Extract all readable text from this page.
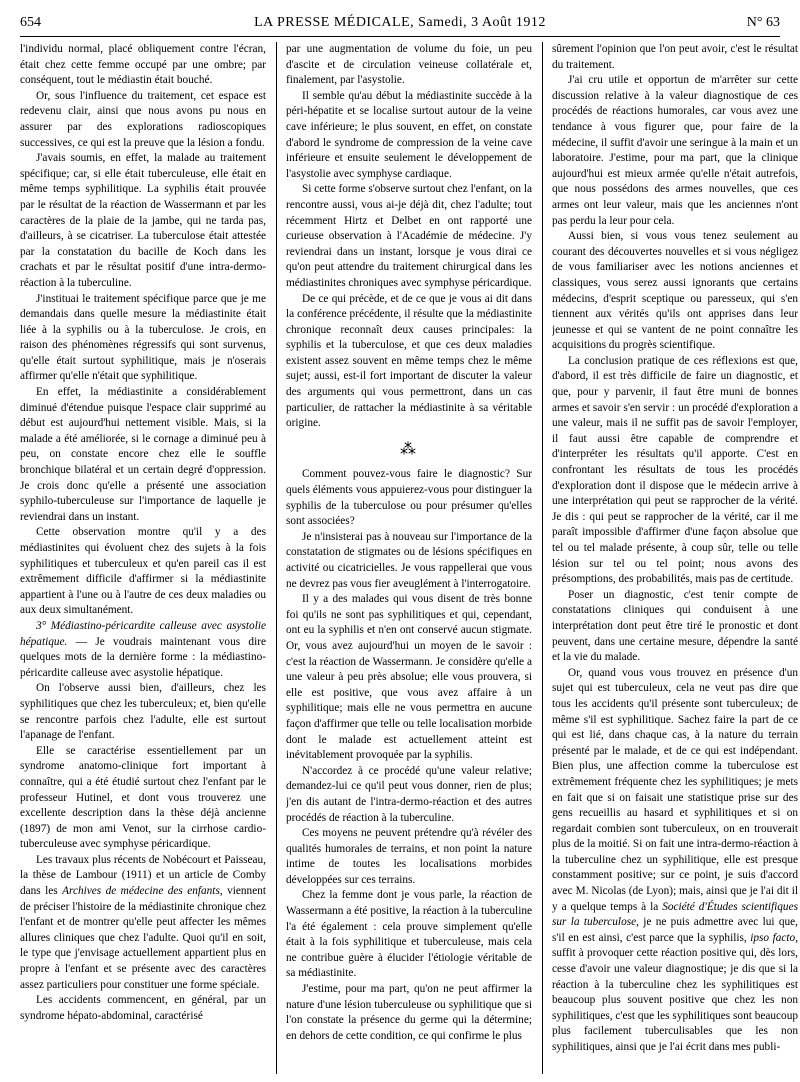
654	LA PRESSE MÉDICALE, Samedi, 3 Août 1912	N° 63

l'individu normal, placé obliquement contre l'écran, était chez cette femme occupé par une ombre; par conséquent, tout le médiastin était bouché.

Or, sous l'influence du traitement, cet espace est redevenu clair, ainsi que nous avons pu nous en assurer par des explorations radioscopiques successives, ce qui est la preuve que la lésion a fondu.

J'avais soumis, en effet, la malade au traitement spécifique; car, si elle était tuberculeuse, elle était en même temps syphilitique. La syphilis était prouvée par le résultat de la réaction de Wassermann et par les caractères de la plaie de la jambe, qui ne tarda pas, d'ailleurs, à se cicatriser. La tuberculose était attestée par la constatation du bacille de Koch dans les crachats et par le résultat positif d'une intra-dermo-réaction à la tuberculine.

J'instituai le traitement spécifique parce que je me demandais dans quelle mesure la médiastinite était liée à la syphilis ou à la tuberculose. Je crois, en raison des phénomènes régressifs qui sont survenus, qu'elle était surtout syphilitique, mais je n'oserais affirmer qu'elle n'était que syphilitique.

En effet, la médiastinite a considérablement diminué d'étendue puisque l'espace clair supprimé au début est aujourd'hui nettement visible. Mais, si la malade a été améliorée, si le cornage a diminué peu à peu, on constate encore chez elle le souffle bronchique bilatéral et un certain degré d'oppression. Je crois donc qu'elle a présenté une association syphilo-tuberculeuse sur l'importance de laquelle je reviendrai dans un instant.

Cette observation montre qu'il y a des médiastinites qui évoluent chez des sujets à la fois syphilitiques et tuberculeux et qu'en pareil cas il est extrêmement difficile d'affirmer si la médiastinite appartient à l'une ou à l'autre de ces deux maladies ou aux deux simultanément.

3° Médiastino-péricardite calleuse avec asystolie hépatique. — Je voudrais maintenant vous dire quelques mots de la dernière forme : la médiastino-péricardite calleuse avec asystolie hépatique.

On l'observe aussi bien, d'ailleurs, chez les syphilitiques que chez les tuberculeux; et, bien qu'elle se rencontre parfois chez l'adulte, elle est surtout l'apanage de l'enfant.

Elle se caractérise essentiellement par un syndrome anatomo-clinique fort important à connaître, qui a été étudié surtout chez l'enfant par le professeur Hutinel, et dont vous trouverez une excellente description dans la thèse déjà ancienne (1897) de mon ami Venot, sur la cirrhose cardio-tuberculeuse avec symphyse péricardique.

Les travaux plus récents de Nobécourt et Paisseau, la thèse de Lambour (1911) et un article de Comby dans les Archives de médecine des enfants, viennent de préciser l'histoire de la médiastinite chronique chez l'enfant et de montrer qu'elle peut affecter les mêmes allures cliniques que chez l'adulte. Quoi qu'il en soit, le type que j'envisage actuellement appartient plus en propre à l'enfant et se présente avec des caractères assez particuliers pour constituer une forme spéciale.

Les accidents commencent, en général, par un syndrome hépato-abdominal, caractérisé

par une augmentation de volume du foie, un peu d'ascite et de circulation veineuse collatérale et, finalement, par l'asystolie.

Il semble qu'au début la médiastinite succède à la péri-hépatite et se localise surtout autour de la veine cave inférieure; le plus souvent, en effet, on constate d'abord le syndrome de compression de la veine cave inférieure et ensuite seulement le développement de l'asystolie avec symphyse cardiaque.

Si cette forme s'observe surtout chez l'enfant, on la rencontre aussi, vous ai-je déjà dit, chez l'adulte; tout récemment Hirtz et Delbet en ont rapporté une curieuse observation à l'Académie de médecine. J'y reviendrai dans un instant, lorsque je vous dirai ce qu'on peut attendre du traitement chirurgical dans les médiastinites chroniques avec symphyse péricardique.

De ce qui précède, et de ce que je vous ai dit dans la conférence précédente, il résulte que la médiastinite chronique reconnaît deux causes principales: la syphilis et la tuberculose, et que ces deux maladies existent assez souvent en même temps chez le même sujet; aussi, est-il fort important de discuter la valeur des arguments qui vous permettront, dans un cas particulier, de rattacher la médiastinite à sa véritable origine.

⁂

Comment pouvez-vous faire le diagnostic? Sur quels éléments vous appuierez-vous pour distinguer la syphilis de la tuberculose ou pour présumer qu'elles sont associées?

Je n'insisterai pas à nouveau sur l'importance de la constatation de stigmates ou de lésions spécifiques en activité ou cicatricielles. Je vous rappellerai que vous ne devrez pas vous fier aveuglément à l'interrogatoire.

Il y a des malades qui vous disent de très bonne foi qu'ils ne sont pas syphilitiques et qui, cependant, ont eu la syphilis et n'en ont conservé aucun stigmate. Or, vous avez aujourd'hui un moyen de le savoir : c'est la réaction de Wassermann. Je considère qu'elle a une valeur à peu près absolue; elle vous prouvera, si elle est positive, que vous avez affaire à un syphilitique; mais elle ne vous permettra en aucune façon d'affirmer que telle ou telle localisation morbide dont le malade est actuellement atteint est inévitablement provoquée par la syphilis.

N'accordez à ce procédé qu'une valeur relative; demandez-lui ce qu'il peut vous donner, rien de plus; j'en dis autant de l'intra-dermo-réaction et des autres procédés de réaction à la tuberculine.

Ces moyens ne peuvent prétendre qu'à révéler des qualités humorales de terrains, et non point la nature intime de toutes les localisations morbides développées sur ces terrains.

Chez la femme dont je vous parle, la réaction de Wassermann a été positive, la réaction à la tuberculine l'a été également : cela prouve simplement qu'elle était à la fois syphilitique et tuberculeuse, mais cela ne contribue guère à élucider l'étiologie véritable de sa médiastinite.

J'estime, pour ma part, qu'on ne peut affirmer la nature d'une lésion tuberculeuse ou syphilitique que si l'on constate la présence du germe qui la détermine; en dehors de cette condition, ce qui confirme le plus

sûrement l'opinion que l'on peut avoir, c'est le résultat du traitement.

J'ai cru utile et opportun de m'arrêter sur cette discussion relative à la valeur diagnostique de ces procédés de réactions humorales, car vous avez une tendance à vous figurer que, pour faire de la médecine, il suffit d'avoir une seringue à la main et un laboratoire. J'estime, pour ma part, que la clinique aujourd'hui est mieux armée qu'elle n'était autrefois, que nous possédons des armes nouvelles, que ces armes ont leur valeur, mais que les anciennes n'ont pas perdu la leur pour cela.

Aussi bien, si vous vous tenez seulement au courant des découvertes nouvelles et si vous négligez de vous familiariser avec les notions anciennes et classiques, vous serez aussi ignorants que certains médecins, d'esprit sceptique ou paresseux, qui s'en tiennent aux vérités qu'ils ont apprises dans leur jeunesse et qui se vantent de ne point connaître les acquisitions du progrès scientifique.

La conclusion pratique de ces réflexions est que, d'abord, il est très difficile de faire un diagnostic, et que, pour y parvenir, il faut être muni de bonnes armes et savoir s'en servir : un procédé d'exploration a une valeur, mais il ne suffit pas de savoir l'employer, il faut aussi être capable de comprendre et d'interpréter les résultats qu'il apporte. C'est en confrontant les résultats de tous les procédés d'exploration dont il dispose que le médecin arrive à une interprétation qui peut se rapprocher de la vérité. Je dis : qui peut se rapprocher de la vérité, car il me paraît impossible d'affirmer d'une façon absolue que tel ou tel malade présente, à coup sûr, telle ou telle lésion sur tel ou tel point; nous avons des présomptions, des probabilités, mais pas de certitude.

Poser un diagnostic, c'est tenir compte de constatations cliniques qui conduisent à une interprétation dont peut être tiré le pronostic et dont peuvent, dans une certaine mesure, dépendre la santé et la vie du malade.

Or, quand vous vous trouvez en présence d'un sujet qui est tuberculeux, cela ne veut pas dire que tous les accidents qu'il présente sont tuberculeux; de même s'il est syphilitique. Sachez faire la part de ce qui est lié, dans chaque cas, à la nature du terrain présenté par le malade, et de ce qui est indépendant. Bien plus, une affection comme la tuberculose est extrêmement fréquente chez les syphilitiques; je mets en fait que si on faisait une statistique prise sur des gens recueillis au hasard et syphilitiques et si on regardait combien sont tuberculeux, on en trouverait plus de la moitié. Si on fait une intra-dermo-réaction à la tuberculine chez un syphilitique, elle est presque constamment positive; sur ce point, je suis d'accord avec M. Nicolas (de Lyon); mais, ainsi que je l'ai dit il y a quelque temps à la Société d'Études scientifiques sur la tuberculose, je ne puis admettre avec lui que, s'il en est ainsi, c'est parce que la syphilis, ipso facto, suffit à provoquer cette réaction positive qui, dès lors, cesse d'avoir une valeur diagnostique; je dis que si la réaction à la tuberculine chez les syphilitiques est beaucoup plus souvent positive que chez les non syphilitiques, c'est que les syphilitiques sont beaucoup plus facilement tuberculisables que les non syphilitiques, ainsi que je l'ai écrit dans mes publi-
